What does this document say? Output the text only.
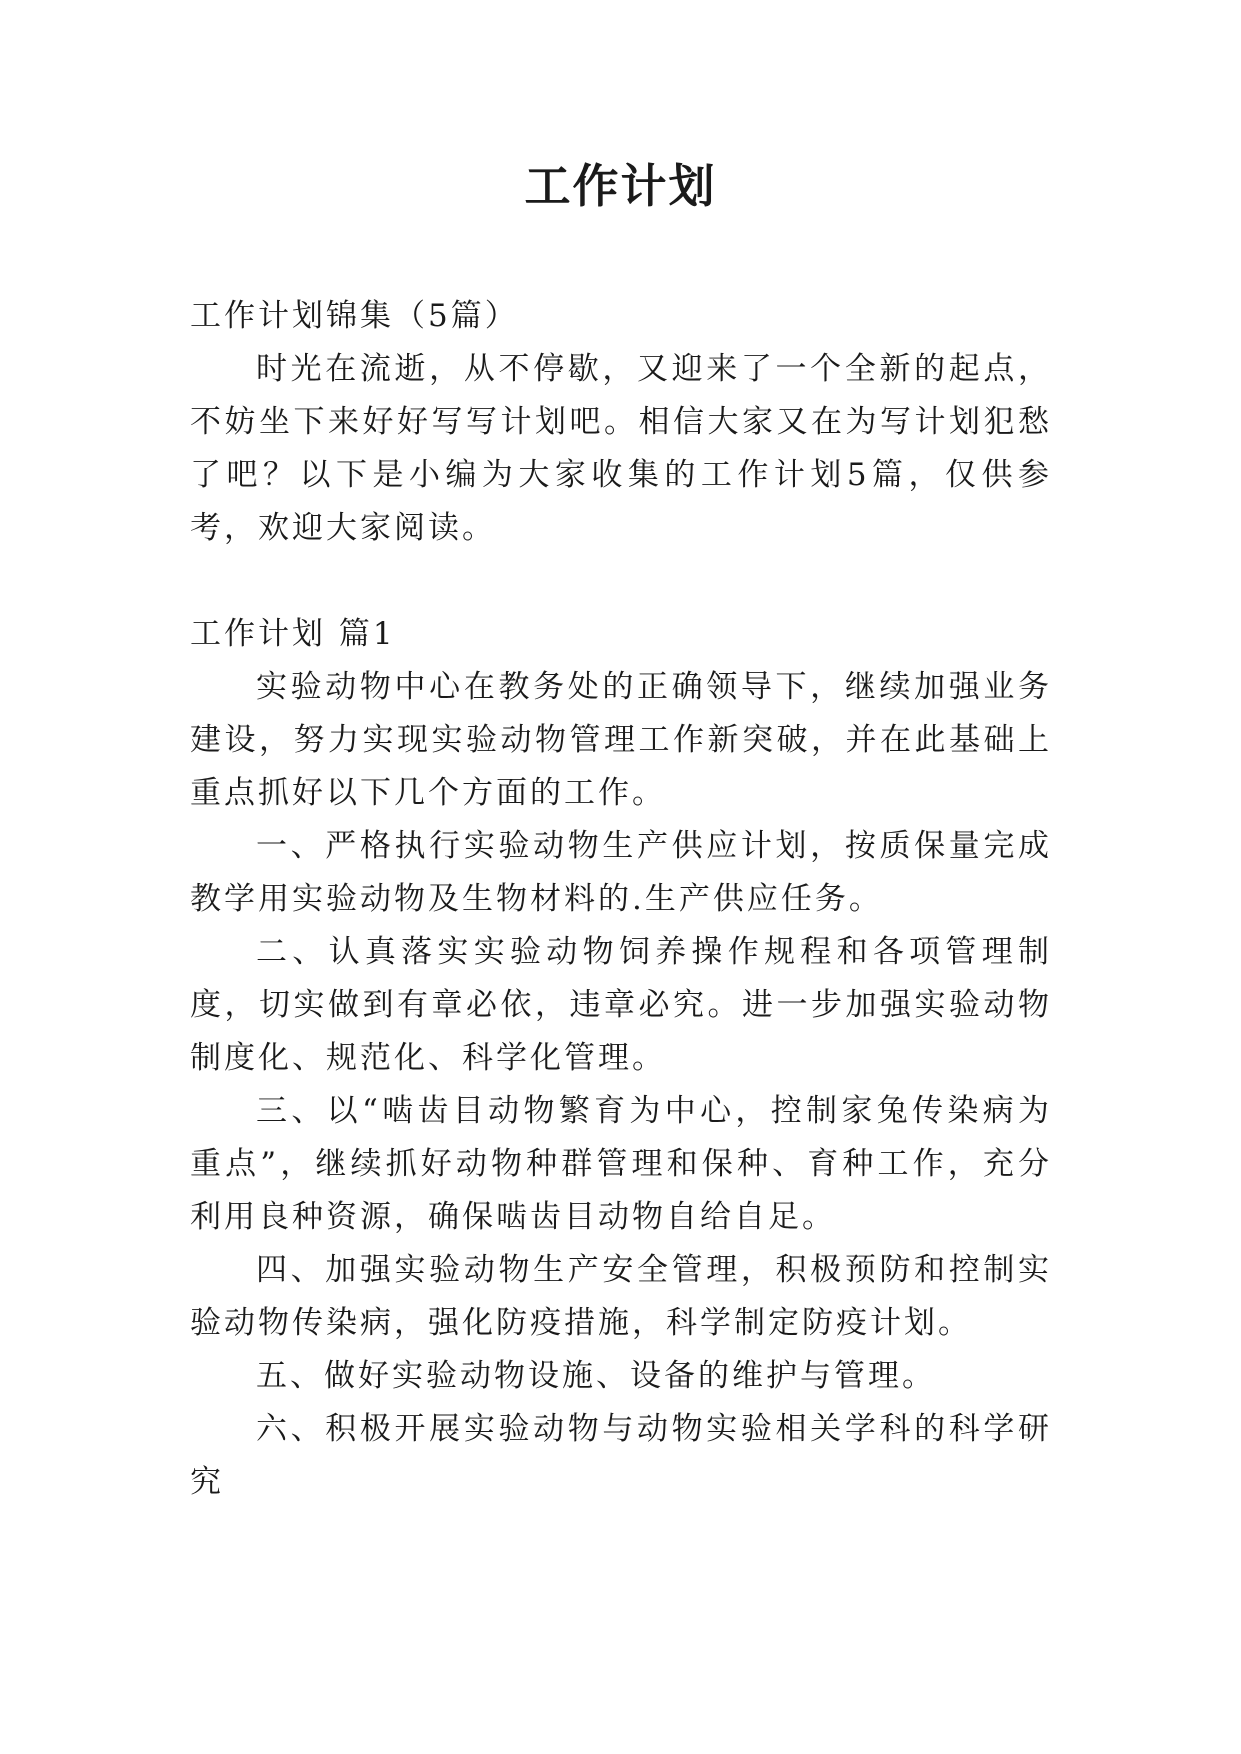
工作计划

工作计划锦集（5篇）

时光在流逝，从不停歇，又迎来了一个全新的起点，不妨坐下来好好写写计划吧。相信大家又在为写计划犯愁了吧？以下是小编为大家收集的工作计划5篇，仅供参考，欢迎大家阅读。

工作计划 篇1

实验动物中心在教务处的正确领导下，继续加强业务建设，努力实现实验动物管理工作新突破，并在此基础上重点抓好以下几个方面的工作。

一、严格执行实验动物生产供应计划，按质保量完成教学用实验动物及生物材料的.生产供应任务。

二、认真落实实验动物饲养操作规程和各项管理制度，切实做到有章必依，违章必究。进一步加强实验动物制度化、规范化、科学化管理。

三、以“啮齿目动物繁育为中心，控制家兔传染病为重点”，继续抓好动物种群管理和保种、育种工作，充分利用良种资源，确保啮齿目动物自给自足。

四、加强实验动物生产安全管理，积极预防和控制实验动物传染病，强化防疫措施，科学制定防疫计划。

五、做好实验动物设施、设备的维护与管理。

六、积极开展实验动物与动物实验相关学科的科学研究
